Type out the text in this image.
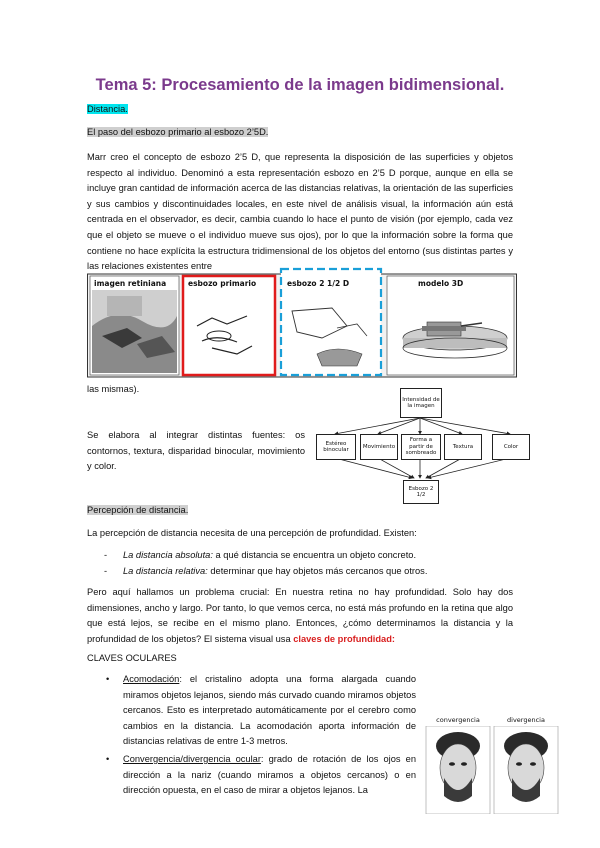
Tema 5: Procesamiento de la imagen bidimensional.
Distancia.
El paso del esbozo primario al esbozo 2’5D.
Marr creo el concepto de esbozo 2’5 D, que representa la disposición de las superficies y objetos respecto al individuo. Denominó a esta representación esbozo en 2’5 D porque, aunque en ella se incluye gran cantidad de información acerca de las distancias relativas, la orientación de las superficies y sus cambios y discontinuidades locales, en este nivel de análisis visual, la información aún está centrada en el observador, es decir, cambia cuando lo hace el punto de visión (por ejemplo, cada vez que el objeto se mueve o el individuo mueve sus ojos), por lo que la información sobre la forma que contiene no hace explícita la estructura tridimensional de los objetos del entorno (sus distintas partes y las relaciones existentes entre
imagen retiniana	esbozo primario	esbozo 2 1/2 D	modelo 3D
las mismas).
Se elabora al integrar distintas fuentes: os contornos, textura, disparidad binocular, movimiento y color.
Intensidad de la imagen
Estéreo binocular
Movimiento
Forma a partir de sombreado
Textura	Color
Esbozo 2 1/2
Percepción de distancia.
La percepción de distancia necesita de una percepción de profundidad. Existen:
- La distancia absoluta: a qué distancia se encuentra un objeto concreto.
- La distancia relativa: determinar que hay objetos más cercanos que otros.
Pero aquí hallamos un problema crucial: En nuestra retina no hay profundidad. Solo hay dos dimensiones, ancho y largo. Por tanto, lo que vemos cerca, no está más profundo en la retina que algo que está lejos, se recibe en el mismo plano. Entonces, ¿cómo determinamos la distancia y la profundidad de los objetos? El sistema visual usa claves de profundidad:
CLAVES OCULARES
• Acomodación: el cristalino adopta una forma alargada cuando miramos objetos lejanos, siendo más curvado cuando miramos objetos cercanos. Esto es interpretado automáticamente por el cerebro como cambios en la distancia. La acomodación aporta información de distancias relativas de entre 1-3 metros.
• Convergencia/divergencia ocular: grado de rotación de los ojos en dirección a la nariz (cuando miramos a objetos cercanos) o en dirección opuesta, en el caso de mirar a objetos lejanos. La
convergencia	divergencia
